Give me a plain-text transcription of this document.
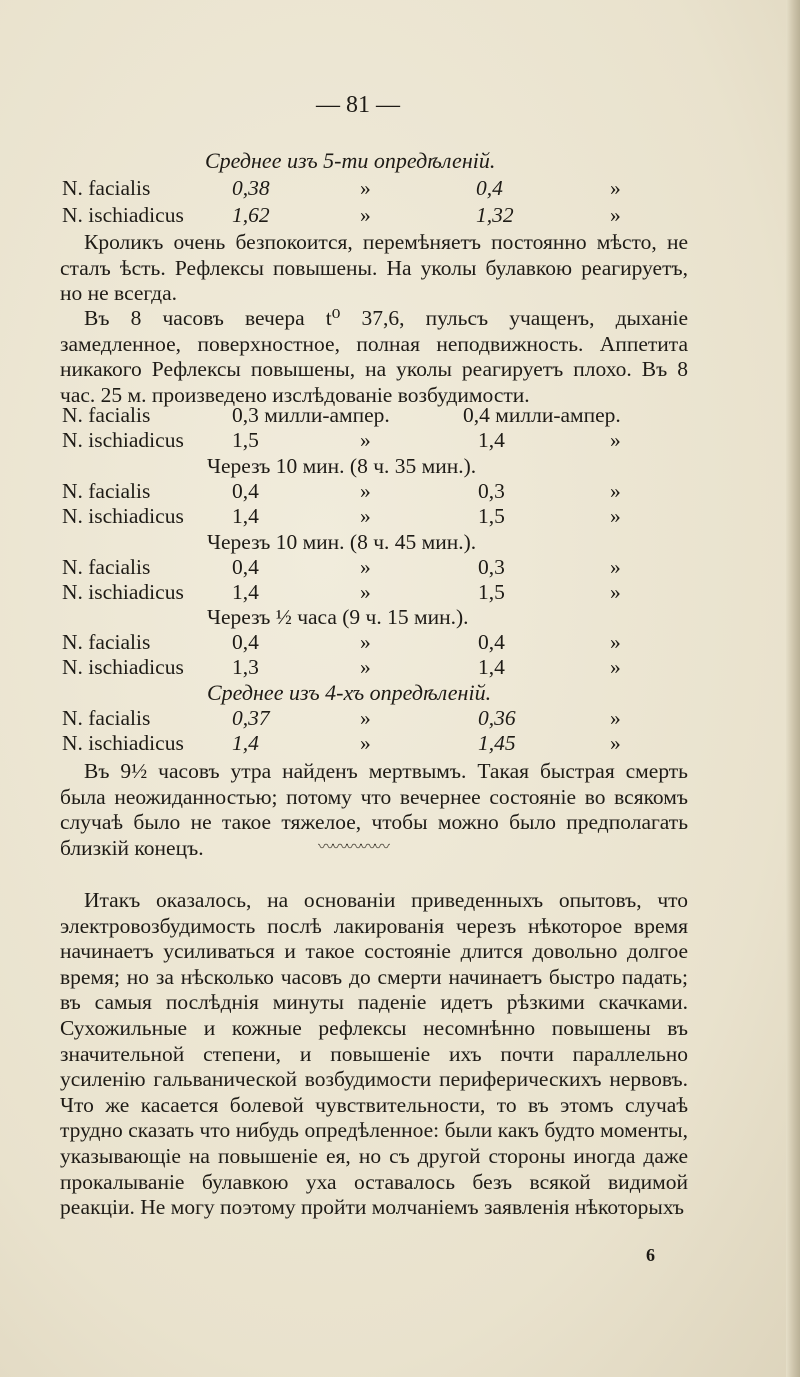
— 81 —
Среднее изъ 5-ти опредѣленій.
N. facialis	0,38	»	0,4	»
N. ischiadicus 1,62	»	1,32	»
Кроликъ очень безпокоится, перемѣняетъ постоянно мѣсто, не сталъ ѣсть. Рефлексы повышены. На уколы булавкою реагируетъ, но не всегда.
Въ 8 часовъ вечера t⁰ 37,6, пульсъ учащенъ, дыханіе замедленное, поверхностное, полная неподвижность. Аппетита никакого Рефлексы повышены, на уколы реагируетъ плохо. Въ 8 час. 25 м. произведено изслѣдованіе возбудимости.
N. facialis	0,3 милли-ампер.	0,4 милли-ампер.
N. ischiadicus 1,5	»	1,4	»
Черезъ 10 мин. (8 ч. 35 мин.).
N. facialis	0,4	»	0,3	»
N. ischiadicus 1,4	»	1,5	»
Черезъ 10 мин. (8 ч. 45 мин.).
N. facialis	0,4	»	0,3	»
N. ischiadicus 1,4	»	1,5	»
Черезъ ½ часа (9 ч. 15 мин.).
N. facialis	0,4	»	0,4	»
N. ischiadicus 1,3	»	1,4	»
Среднее изъ 4-хъ опредѣленій.
N. facialis	0,37	»	0,36	»
N. ischiadicus 1,4	»	1,45	»
Въ 9½ часовъ утра найденъ мертвымъ. Такая быстрая смерть была неожиданностью; потому что вечернее состояніе во всякомъ случаѣ было не такое тяжелое, чтобы можно было предполагать близкій конецъ.	〰〰〰〰〰
Итакъ оказалось, на основаніи приведенныхъ опытовъ, что электровозбудимость послѣ лакированія черезъ нѣкоторое время начинаетъ усиливаться и такое состояніе длится довольно долгое время; но за нѣсколько часовъ до смерти начинаетъ быстро падать; въ самыя послѣднія минуты паденіе идетъ рѣзкими скачками. Сухожильные и кожные рефлексы несомнѣнно повышены въ значительной степени, и повышеніе ихъ почти параллельно усиленію гальванической возбудимости периферическихъ нервовъ. Что же касается болевой чувствительности, то въ этомъ случаѣ трудно сказать что нибудь опредѣленное: были какъ будто моменты, указывающіе на повышеніе ея, но съ другой стороны иногда даже прокалываніе булавкою уха оставалось безъ всякой видимой реакціи. Не могу поэтому пройти молчаніемъ заявленія нѣкоторыхъ
6
